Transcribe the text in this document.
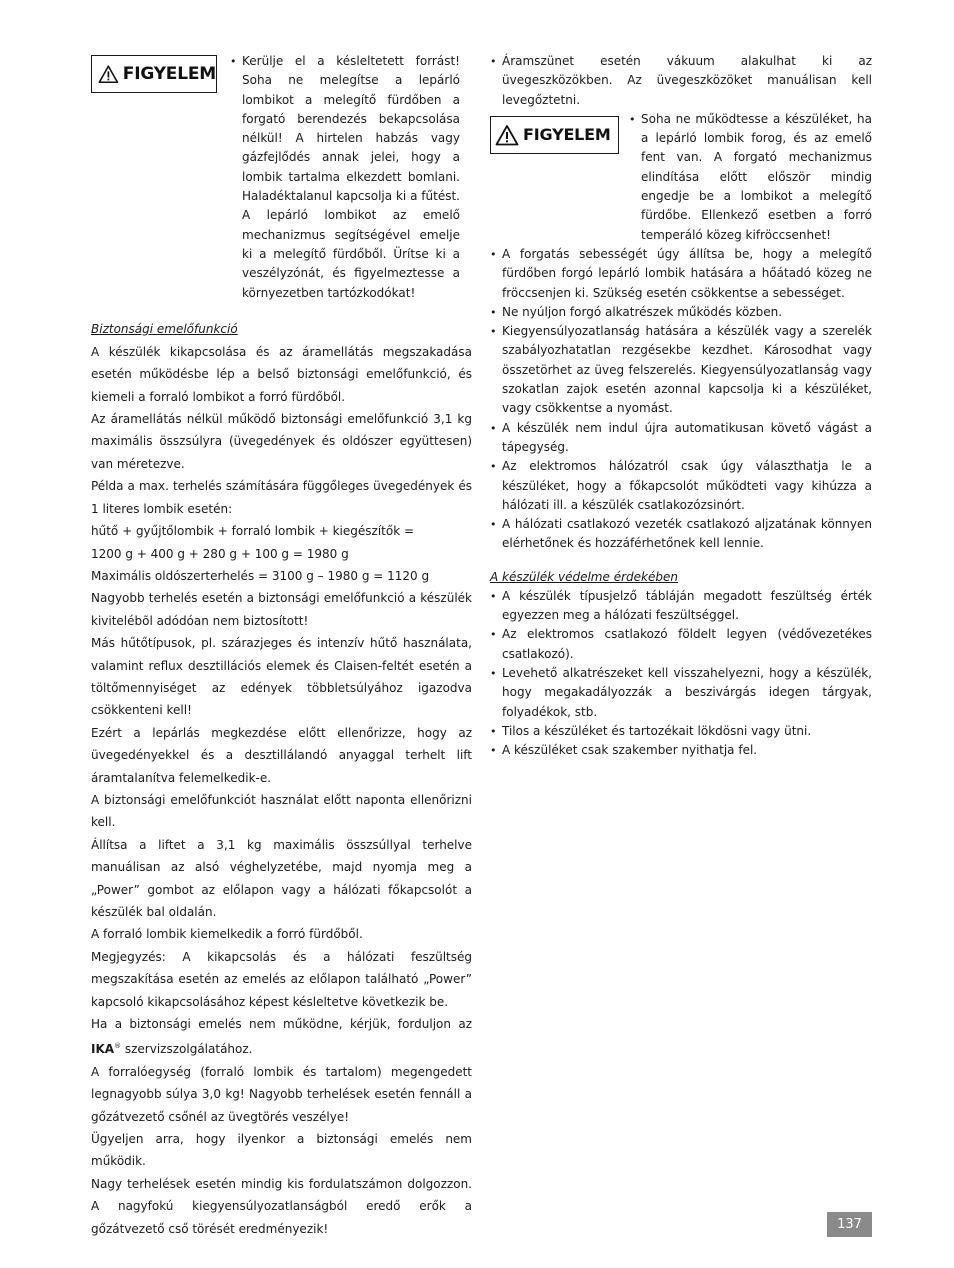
FIGYELEM
• Kerülje el a késleltetett forrást! Soha ne melegítse a lepárló lombikot a melegítő fürdőben a forgató berendezés bekapcsolása nélkül! A hirtelen habzás vagy gázfejlődés annak jelei, hogy a lombik tartalma elkezdett bomlani. Haladéktalanul kapcsolja ki a fűtést. A lepárló lombikot az emelő mechanizmus segítségével emelje ki a melegítő fürdőből. Ürítse ki a veszélyzónát, és figyelmeztesse a környezetben tartózkodókat!

Biztonsági emelőfunkció

A készülék kikapcsolása és az áramellátás megszakadása esetén működésbe lép a belső biztonsági emelőfunkció, és kiemeli a forraló lombikot a forró fürdőből.

Az áramellátás nélkül működő biztonsági emelőfunkció 3,1 kg maximális összsúlyra (üvegedények és oldószer együttesen) van méretezve.

Példa a max. terhelés számítására függőleges üvegedények és 1 literes lombik esetén:

hűtő + gyűjtőlombik + forraló lombik + kiegészítők =

1200 g + 400 g + 280 g + 100 g = 1980 g

Maximális oldószerterhelés = 3100 g – 1980 g = 1120 g

Nagyobb terhelés esetén a biztonsági emelőfunkció a készülék kivitelébõl adódóan nem biztosított!

Más hűtőtípusok, pl. szárazjeges és intenzív hűtő használata, valamint reflux desztillációs elemek és Claisen-feltét esetén a töltőmennyiséget az edények többletsúlyához igazodva csökkenteni kell!

Ezért a lepárlás megkezdése előtt ellenőrizze, hogy az üvegedényekkel és a desztillálandó anyaggal terhelt lift áramtalanítva felemelkedik-e.

A biztonsági emelőfunkciót használat előtt naponta ellenőrizni kell.

Állítsa a liftet a 3,1 kg maximális összsúllyal terhelve manuálisan az alsó véghelyzetébe, majd nyomja meg a „Power” gombot az előlapon vagy a hálózati főkapcsolót a készülék bal oldalán.

A forraló lombik kiemelkedik a forró fürdőből.

Megjegyzés: A kikapcsolás és a hálózati feszültség megszakítása esetén az emelés az előlapon található „Power” kapcsoló kikapcsolásához képest késleltetve következik be.

Ha a biztonsági emelés nem működne, kérjük, forduljon az IKA® szervizszolgálatához.

A forralóegység (forraló lombik és tartalom) megengedett legnagyobb súlya 3,0 kg! Nagyobb terhelések esetén fennáll a gőzátvezető csőnél az üvegtörés veszélye!

Ügyeljen arra, hogy ilyenkor a biztonsági emelés nem működik.

Nagy terhelések esetén mindig kis fordulatszámon dolgozzon. A nagyfokú kiegyensúlyozatlanságból eredő erők a gőzátvezető cső törését eredményezik!

• Áramszünet esetén vákuum alakulhat ki az üvegeszközökben. Az üvegeszközöket manuálisan kell levegőztetni.
FIGYELEM
• Soha ne működtesse a készüléket, ha a lepárló lombik forog, és az emelő fent van. A forgató mechanizmus elindítása előtt először mindig engedje be a lombikot a melegítő fürdőbe. Ellenkező esetben a forró temperáló közeg kifröccsenhet!
• A forgatás sebességét úgy állítsa be, hogy a melegítő fürdőben forgó lepárló lombik hatására a hőátadó közeg ne fröccsenjen ki. Szükség esetén csökkentse a sebességet.
• Ne nyúljon forgó alkatrészek működés közben.
• Kiegyensúlyozatlanság hatására a készülék vagy a szerelék szabályozhatatlan rezgésekbe kezdhet. Károsodhat vagy összetörhet az üveg felszerelés. Kiegyensúlyozatlanság vagy szokatlan zajok esetén azonnal kapcsolja ki a készüléket, vagy csökkentse a nyomást.
• A készülék nem indul újra automatikusan követő vágást a tápegység.
• Az elektromos hálózatról csak úgy választhatja le a készüléket, hogy a főkapcsolót működteti vagy kihúzza a hálózati ill. a készülék csatlakozózsinórt.
• A hálózati csatlakozó vezeték csatlakozó aljzatának könnyen elérhetőnek és hozzáférhetőnek kell lennie.

A készülék védelme érdekében

• A készülék típusjelző tábláján megadott feszültség érték egyezzen meg a hálózati feszültséggel.
• Az elektromos csatlakozó földelt legyen (védővezetékes csatlakozó).
• Levehető alkatrészeket kell visszahelyezni, hogy a készülék, hogy megakadályozzák a beszivárgás idegen tárgyak, folyadékok, stb.
• Tilos a készüléket és tartozékait lökdösni vagy ütni.
• A készüléket csak szakember nyithatja fel.
137
